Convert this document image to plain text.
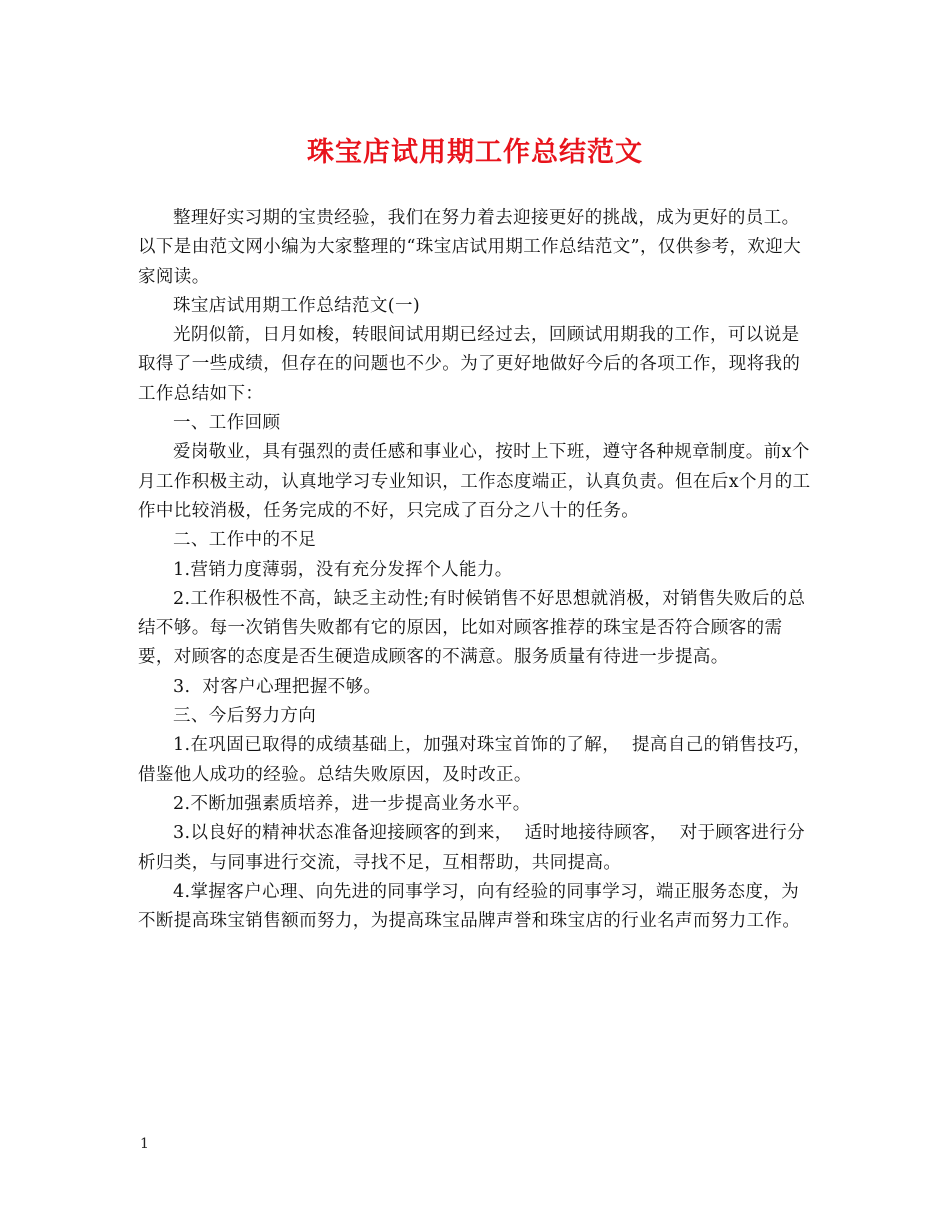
珠宝店试用期工作总结范文

整理好实习期的宝贵经验，我们在努力着去迎接更好的挑战，成为更好的员工。以下是由范文网小编为大家整理的“珠宝店试用期工作总结范文”，仅供参考，欢迎大家阅读。

珠宝店试用期工作总结范文(一)

光阴似箭，日月如梭，转眼间试用期已经过去，回顾试用期我的工作，可以说是取得了一些成绩，但存在的问题也不少。为了更好地做好今后的各项工作，现将我的工作总结如下：

一、工作回顾

爱岗敬业，具有强烈的责任感和事业心，按时上下班，遵守各种规章制度。前x个月工作积极主动，认真地学习专业知识，工作态度端正，认真负责。但在后x个月的工作中比较消极，任务完成的不好，只完成了百分之八十的任务。

二、工作中的不足

1.营销力度薄弱，没有充分发挥个人能力。

2.工作积极性不高，缺乏主动性;有时候销售不好思想就消极，对销售失败后的总结不够。每一次销售失败都有它的原因，比如对顾客推荐的珠宝是否符合顾客的需要，对顾客的态度是否生硬造成顾客的不满意。服务质量有待进一步提高。

3.  对客户心理把握不够。

三、今后努力方向

1.在巩固已取得的成绩基础上，加强对珠宝首饰的了解，  提高自己的销售技巧，  借鉴他人成功的经验。总结失败原因，及时改正。

2.不断加强素质培养，进一步提高业务水平。

3.以良好的精神状态准备迎接顾客的到来，  适时地接待顾客，  对于顾客进行分析归类，与同事进行交流，寻找不足，互相帮助，共同提高。

4.掌握客户心理、向先进的同事学习，向有经验的同事学习，端正服务态度，为不断提高珠宝销售额而努力，为提高珠宝品牌声誉和珠宝店的行业名声而努力工作。

1
